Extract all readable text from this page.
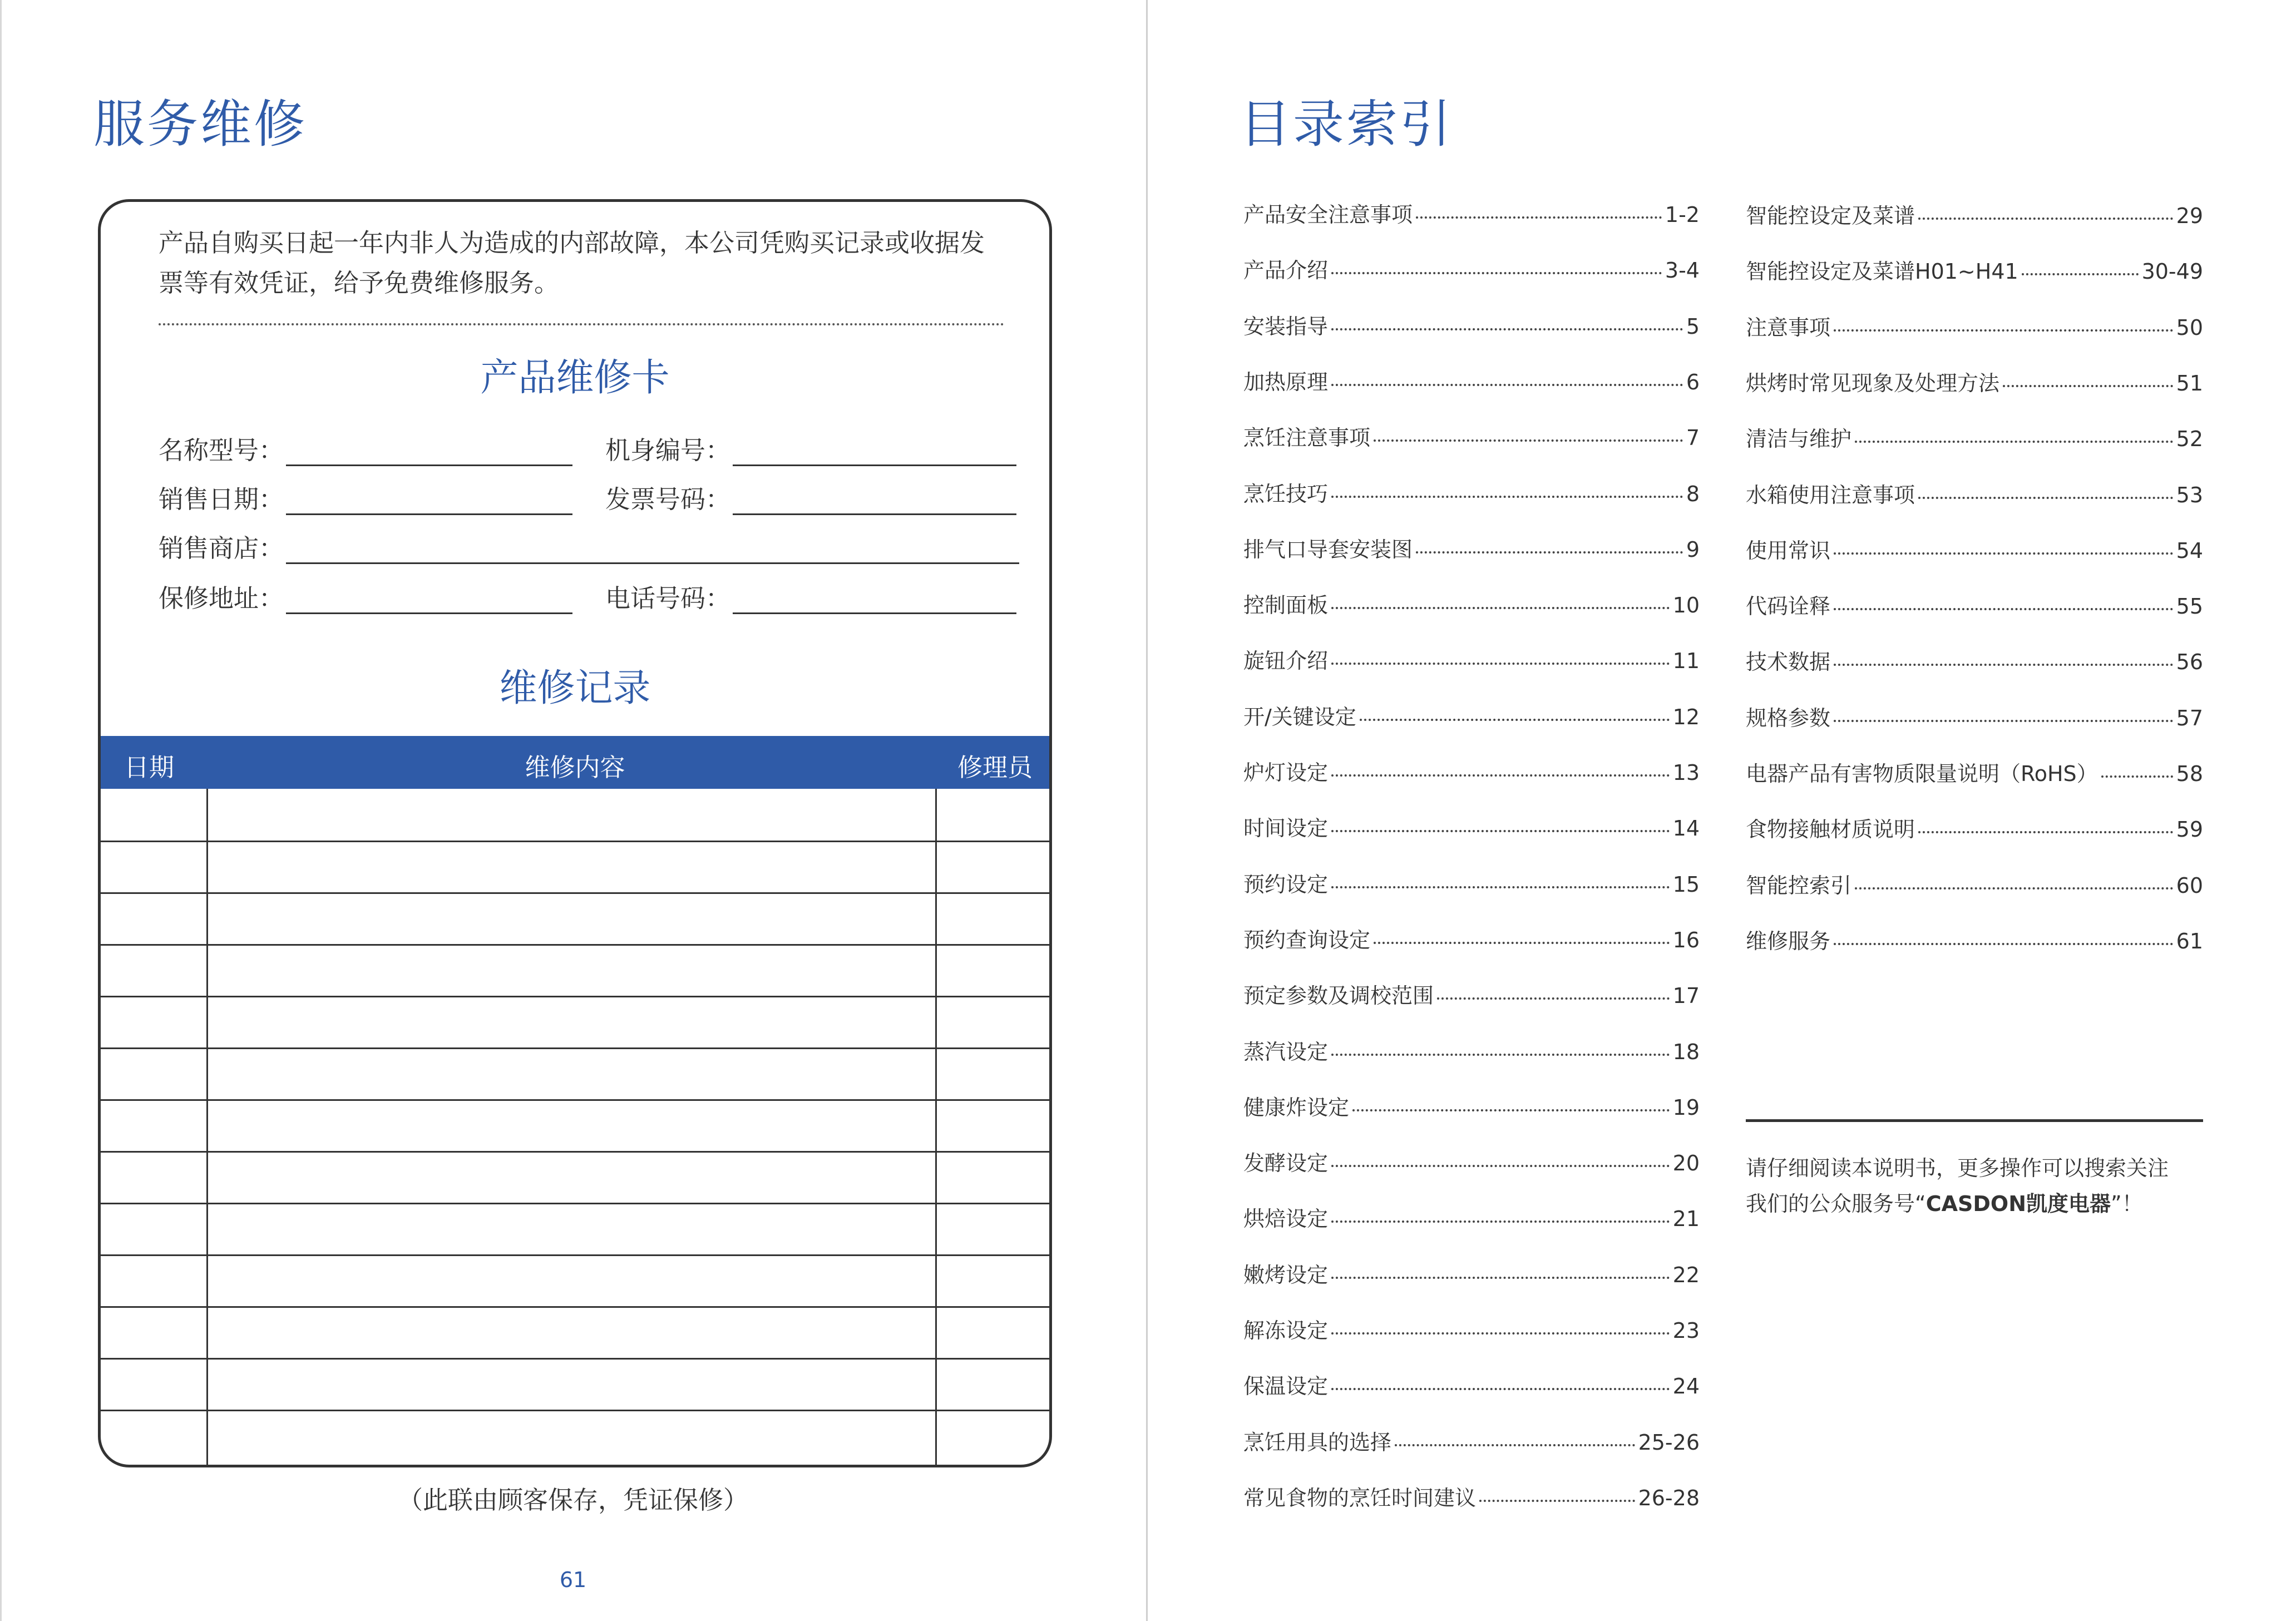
服务维修
产品自购买日起一年内非人为造成的内部故障，本公司凭购买记录或收据发票等有效凭证，给予免费维修服务。
产品维修卡
名称型号：	机身编号：
销售日期：	发票号码：
销售商店：
保修地址：	电话号码：
维修记录
日期	维修内容	修理员
（此联由顾客保存，凭证保修）
61
目录索引
产品安全注意事项	1-2
产品介绍	3-4
安装指导	5
加热原理	6
烹饪注意事项	7
烹饪技巧	8
排气口导套安装图	9
控制面板	10
旋钮介绍	11
开/关键设定	12
炉灯设定	13
时间设定	14
预约设定	15
预约查询设定	16
预定参数及调校范围	17
蒸汽设定	18
健康炸设定	19
发酵设定	20
烘焙设定	21
嫩烤设定	22
解冻设定	23
保温设定	24
烹饪用具的选择	25-26
常见食物的烹饪时间建议	26-28
智能控设定及菜谱	29
智能控设定及菜谱H01~H41	30-49
注意事项	50
烘烤时常见现象及处理方法	51
清洁与维护	52
水箱使用注意事项	53
使用常识	54
代码诠释	55
技术数据	56
规格参数	57
电器产品有害物质限量说明（RoHS）	58
食物接触材质说明	59
智能控索引	60
维修服务	61
请仔细阅读本说明书，更多操作可以搜索关注
我们的公众服务号“CASDON凯度电器”！
